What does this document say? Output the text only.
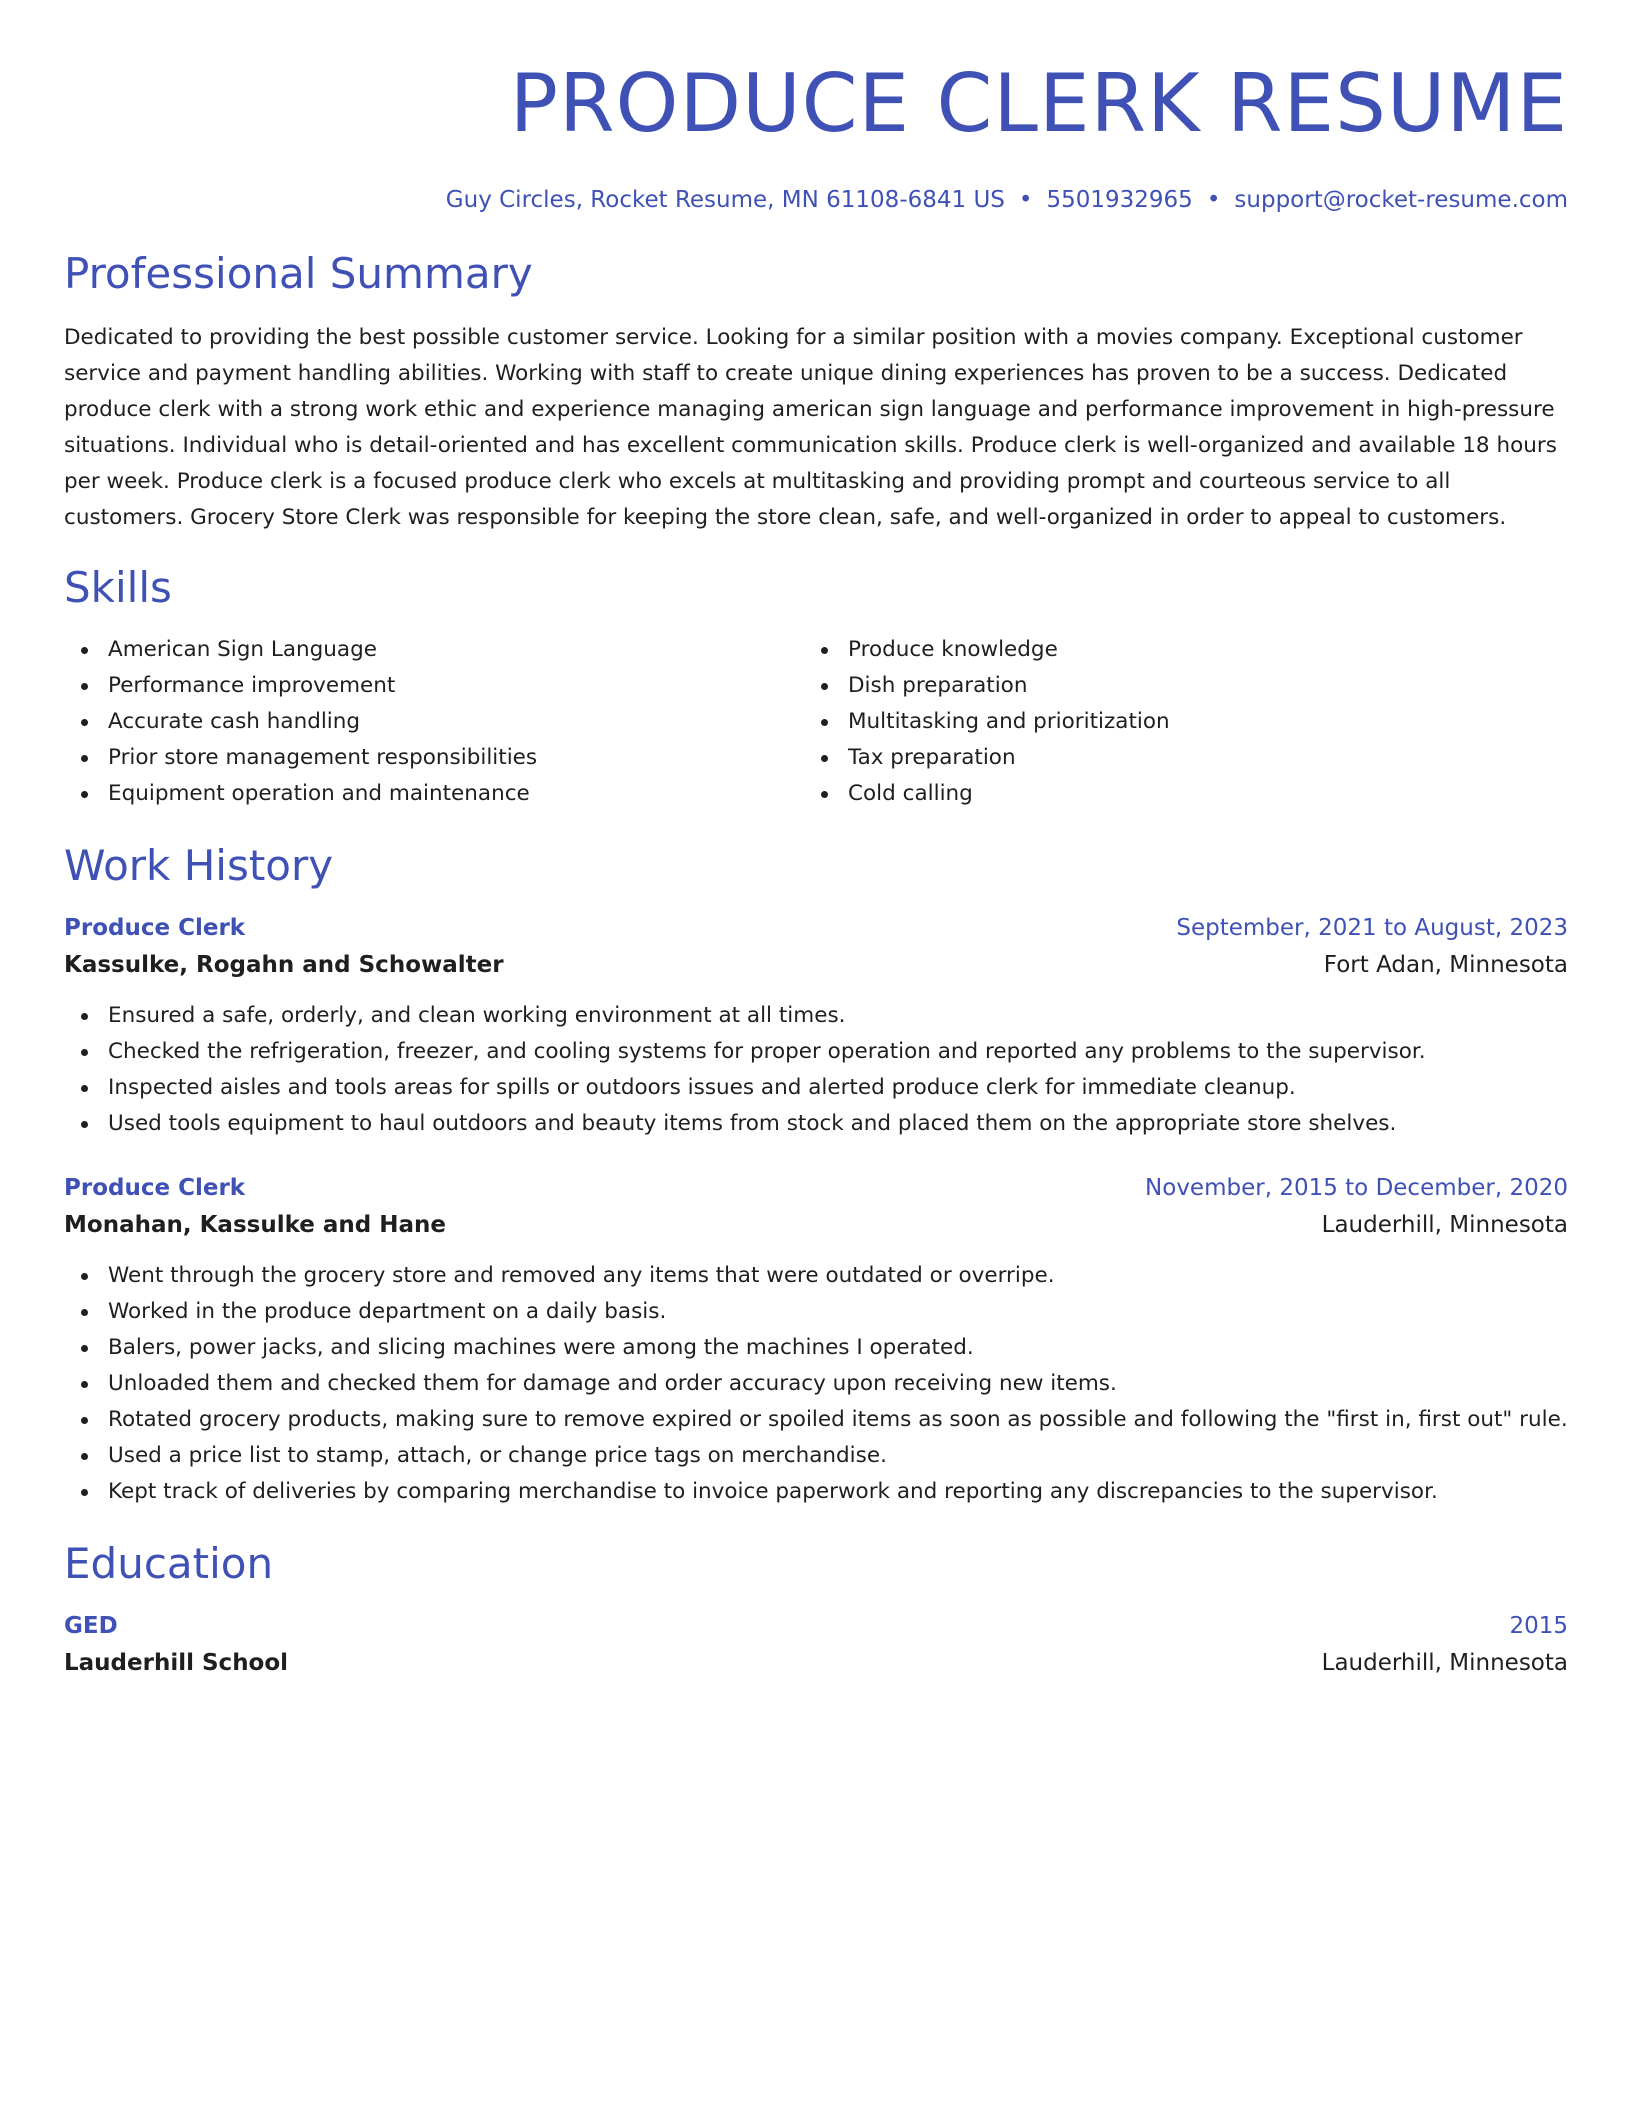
PRODUCE CLERK RESUME
Guy Circles, Rocket Resume, MN 61108-6841 US • 5501932965 • support@rocket-resume.com
Professional Summary

Dedicated to providing the best possible customer service. Looking for a similar position with a movies company. Exceptional customer service and payment handling abilities. Working with staff to create unique dining experiences has proven to be a success. Dedicated produce clerk with a strong work ethic and experience managing american sign language and performance improvement in high-pressure situations. Individual who is detail-oriented and has excellent communication skills. Produce clerk is well-organized and available 18 hours per week. Produce clerk is a focused produce clerk who excels at multitasking and providing prompt and courteous service to all customers. Grocery Store Clerk was responsible for keeping the store clean, safe, and well-organized in order to appeal to customers.

Skills
American Sign Language
Performance improvement
Accurate cash handling
Prior store management responsibilities
Equipment operation and maintenance
Produce knowledge
Dish preparation
Multitasking and prioritization
Tax preparation
Cold calling
Work History
Produce Clerk	September, 2021 to August, 2023
Kassulke, Rogahn and Schowalter	Fort Adan, Minnesota
Ensured a safe, orderly, and clean working environment at all times.
Checked the refrigeration, freezer, and cooling systems for proper operation and reported any problems to the supervisor.
Inspected aisles and tools areas for spills or outdoors issues and alerted produce clerk for immediate cleanup.
Used tools equipment to haul outdoors and beauty items from stock and placed them on the appropriate store shelves.
Produce Clerk	November, 2015 to December, 2020
Monahan, Kassulke and Hane	Lauderhill, Minnesota
Went through the grocery store and removed any items that were outdated or overripe.
Worked in the produce department on a daily basis.
Balers, power jacks, and slicing machines were among the machines I operated.
Unloaded them and checked them for damage and order accuracy upon receiving new items.
Rotated grocery products, making sure to remove expired or spoiled items as soon as possible and following the "first in, first out" rule.
Used a price list to stamp, attach, or change price tags on merchandise.
Kept track of deliveries by comparing merchandise to invoice paperwork and reporting any discrepancies to the supervisor.
Education
GED	2015
Lauderhill School	Lauderhill, Minnesota
